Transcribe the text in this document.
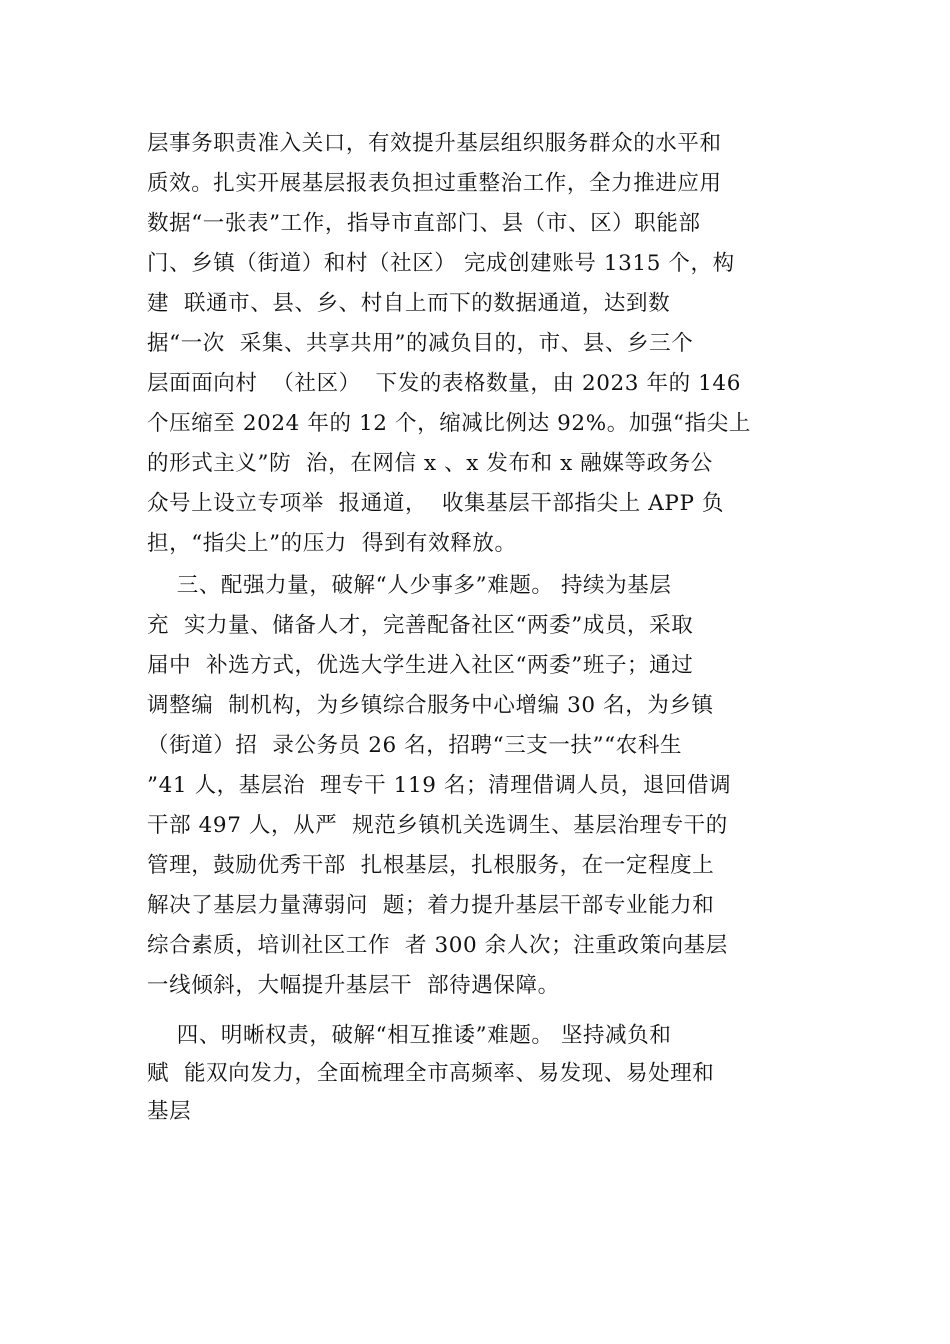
层事务职责准入关口，有效提升基层组织服务群众的水平和
质效。扎实开展基层报表负担过重整治工作，全力推进应用
数据“一张表”工作，指导市直部门、县（市、区）职能部
门、乡镇（街道）和村（社区） 完成创建账号 1315 个，构
建  联通市、县、乡、村自上而下的数据通道，达到数
据“一次  采集、共享共用”的减负目的，市、县、乡三个
层面面向村  （社区）  下发的表格数量，由 2023 年的 146
个压缩至 2024 年的 12 个，缩减比例达 92%。加强“指尖上
的形式主义”防  治，在网信 x 、x 发布和 x 融媒等政务公
众号上设立专项举  报通道，  收集基层干部指尖上 APP 负
担，“指尖上”的压力  得到有效释放。
三、配强力量，破解“人少事多”难题。 持续为基层
充  实力量、储备人才，完善配备社区“两委”成员，采取
届中  补选方式，优选大学生进入社区“两委”班子；通过
调整编  制机构，为乡镇综合服务中心增编 30 名，为乡镇
（街道）招  录公务员 26 名，招聘“三支一扶”“农科生
”41 人，基层治  理专干 119 名；清理借调人员，退回借调
干部 497 人，从严  规范乡镇机关选调生、基层治理专干的
管理，鼓励优秀干部  扎根基层，扎根服务，在一定程度上
解决了基层力量薄弱问  题；着力提升基层干部专业能力和
综合素质，培训社区工作  者 300 余人次；注重政策向基层
一线倾斜，大幅提升基层干  部待遇保障。
四、明晰权责，破解“相互推诿”难题。 坚持减负和
赋  能双向发力，全面梳理全市高频率、易发现、易处理和
基层
